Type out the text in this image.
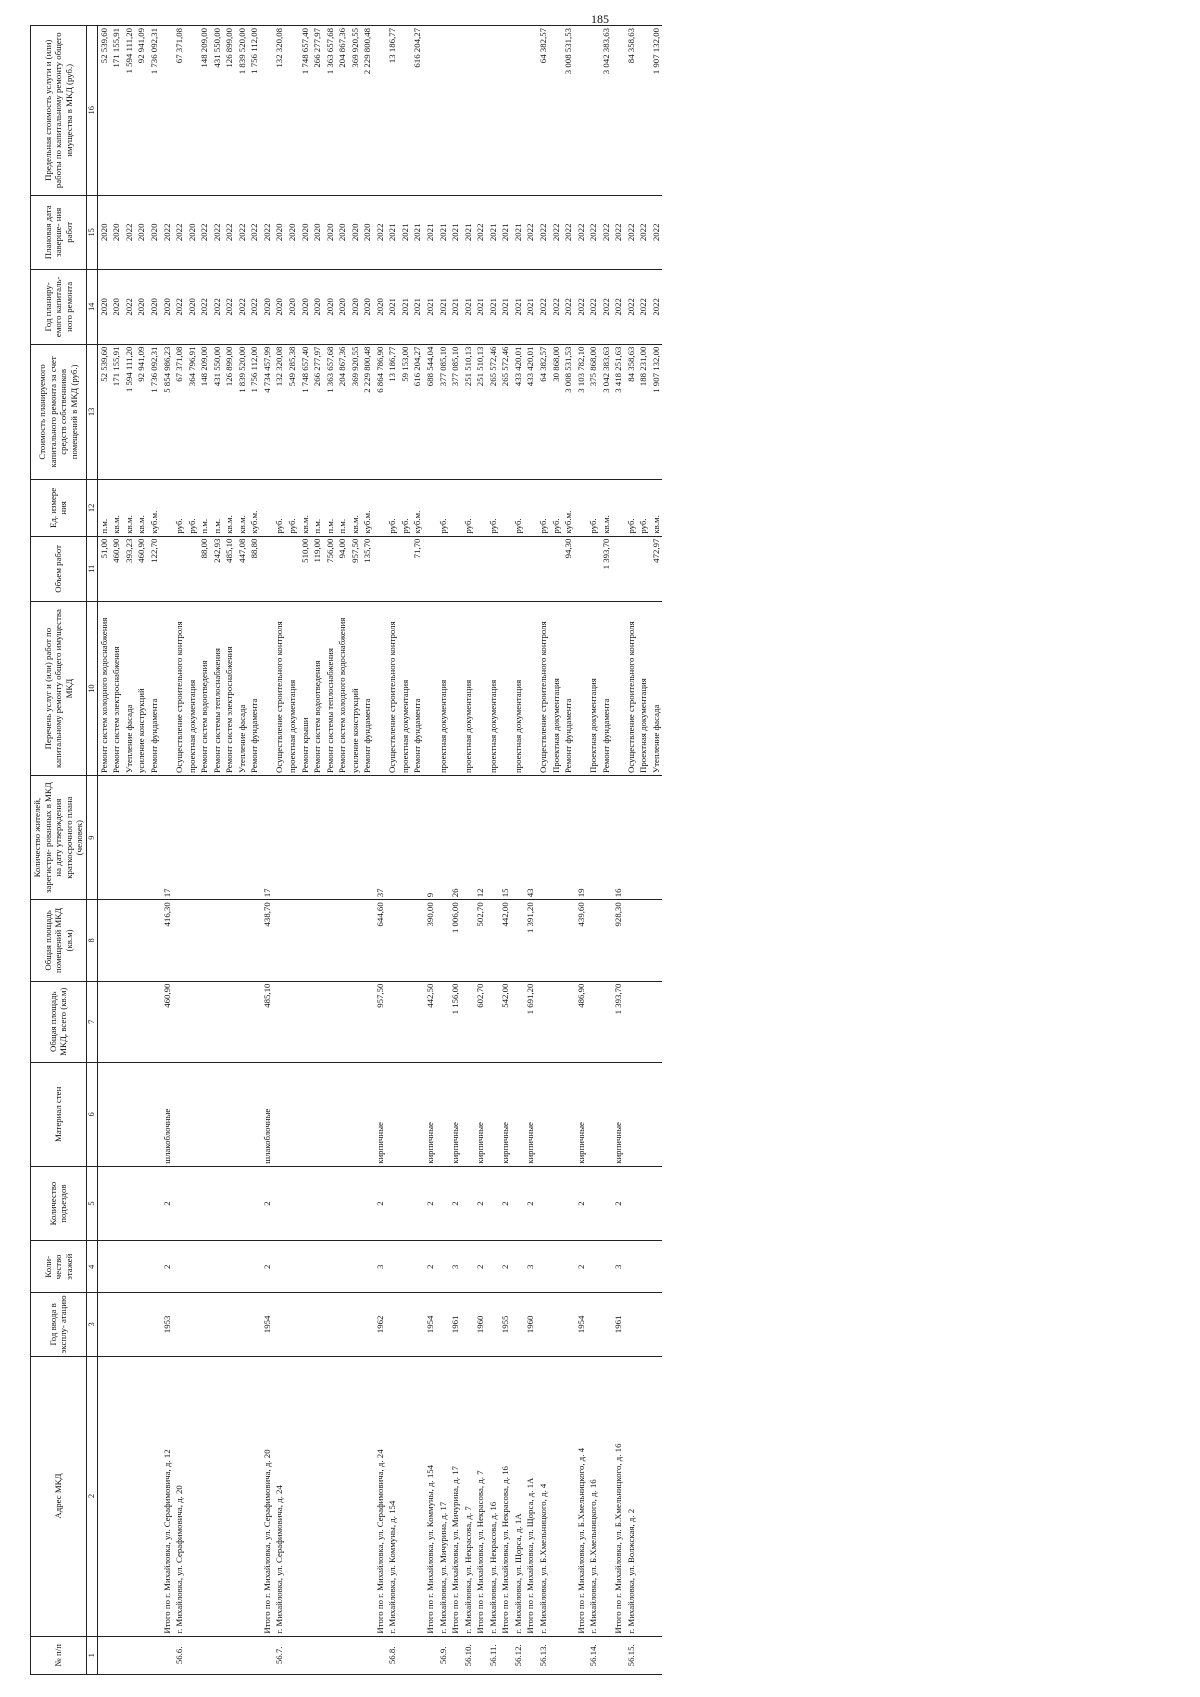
185
№ п/п	Адрес МКД	Год ввода в эксплу- атацию	Коли- чество этажей	Количество подъездов	Материал стен	Общая площадь МКД, всего (кв.м)	Общая площадь помещений МКД (кв.м)	Количество жителей, зарегистри- рованных в МКД на дату утверждения краткосрочного плана (человек)	Перечень услуг и (или) работ по капитальному ремонту общего имущества МКД	Объем работ	Ед. измере ния	Стоимость планируемого капитального ремонта за счет средств собственников помещений в МКД (руб.)	Год планиру- емого капиталь- ного ремонта	Плановая дата заверше- ния работ	Предельная стоимость услуги и (или) работы по капитальному ремонту общего имущества в МКД (руб.)
1	2	3	4	5	6	7	8	9	10	11	12	13	14	15	16
									Ремонт систем холодного водоснабжения	51,00	п.м.	52 539,60	2020	2020	52 539,60
									Ремонт систем электроснабжения	460,90	кв.м.	171 155,91	2020	2020	171 155,91
									Утепление фасада	393,23	кв.м.	1 594 111,20	2022	2022	1 594 111,20
									усиление конструкций	460,90	кв.м.	92 941,09	2020	2020	92 941,09
									Ремонт фундамента	122,70	куб.м.	1 736 092,31	2020	2020	1 736 092,31
	Итого по г. Михайловка, ул. Серафимовича, д. 12	1953	2	2	шлакоблочные	460,90	416,30	17				5 854 986,23	2020	2022	
56.6.	г. Михайловка, ул. Серафимовича, д. 20								Осуществление строительного контроля		руб.	67 371,08	2022	2022	67 371,08
									проектная документация		руб.	364 796,91	2020	2020	
									Ремонт систем водоотведения	88,00	п.м.	148 209,00	2022	2022	148 209,00
									Ремонт системы теплоснабжения	242,93	п.м.	431 550,00	2022	2022	431 550,00
									Ремонт систем электроснабжения	485,10	кв.м.	126 899,00	2022	2022	126 899,00
									Утепление фасада	447,08	кв.м.	1 839 520,00	2022	2022	1 839 520,00
									Ремонт фундамента	88,80	куб.м.	1 756 112,00	2022	2022	1 756 112,00
	Итого по г. Михайловка, ул. Серафимовича, д. 20	1954	2	2	шлакоблочные	485,10	438,70	17				4 734 457,99	2020	2022	
56.7.	г. Михайловка, ул. Серафимовича, д. 24								Осуществление строительного контроля		руб.	132 320,08	2020	2020	132 320,08
									проектная документация		руб.	549 285,38	2020	2020	
									Ремонт крыши	510,00	кв.м.	1 748 657,40	2020	2020	1 748 657,40
									Ремонт систем водоотведения	119,00	п.м.	266 277,97	2020	2020	266 277,97
									Ремонт системы теплоснабжения	756,00	п.м.	1 363 657,68	2020	2020	1 363 657,68
									Ремонт систем холодного водоснабжения	94,00	п.м.	204 867,36	2020	2020	204 867,36
									усиление конструкций	957,50	кв.м.	369 920,55	2020	2020	369 920,55
									Ремонт фундамента	135,70	куб.м.	2 229 800,48	2020	2020	2 229 800,48
	Итого по г. Михайловка, ул. Серафимовича, д. 24	1962	3	2	кирпичные	957,50	644,60	37				6 864 786,90	2020	2022	
56.8.	г. Михайловка, ул. Коммуны, д. 154								Осуществление строительного контроля		руб.	13 186,77	2021	2021	13 186,77
									проектная документация		руб.	59 153,00	2021	2021	
									Ремонт фундамента	71,70	куб.м.	616 204,27	2021	2021	616 204,27
	Итого по г. Михайловка, ул. Коммуны, д. 154	1954	2	2	кирпичные	442,50	390,00	9				688 544,04	2021	2021	
56.9.	г. Михайловка, ул. Мичурина, д. 17								проектная документация		руб.	377 085,10	2021	2021	
	Итого по г. Михайловка, ул. Мичурина, д. 17	1961	3	2	кирпичные	1 156,00	1 006,00	26				377 085,10	2021	2021	
56.10.	г. Михайловка, ул. Некрасова, д. 7								проектная документация		руб.	251 510,13	2021	2021	
	Итого по г. Михайловка, ул. Некрасова, д. 7	1960	2	2	кирпичные	602,70	502,70	12				251 510,13	2021	2022	
56.11.	г. Михайловка, ул. Некрасова, д. 16								проектная документация		руб.	265 572,46	2021	2021	
	Итого по г. Михайловка, ул. Некрасова, д. 16	1955	2	2	кирпичные	542,00	442,00	15				265 572,46	2021	2021	
56.12.	г. Михайловка, ул. Щорса, д. 1А								проектная документация		руб.	433 420,01	2021	2021	
	Итого по г. Михайловка, ул. Щорса, д. 1А	1960	3	2	кирпичные	1 691,20	1 391,20	43				433 420,01	2021	2022	
56.13.	г. Михайловка, ул. Б.Хмельницкого, д. 4								Осуществление строительного контроля		руб.	64 382,57	2022	2022	64 382,57
									Проектная документация		руб.	30 868,00	2022	2022	
									Ремонт фундамента	94,30	куб.м.	3 008 531,53	2022	2022	3 008 531,53
	Итого по г. Михайловка, ул. Б.Хмельницкого, д. 4	1954	2	2	кирпичные	486,90	439,60	19				3 103 782,10	2022	2022	
56.14.	г. Михайловка, ул. Б.Хмельницкого, д. 16								Проектная документация		руб.	375 868,00	2022	2022	
									Ремонт фундамента	1 393,70	кв.м.	3 042 383,63	2022	2022	3 042 383,63
	Итого по г. Михайловка, ул. Б.Хмельницкого, д. 16	1961	3	2	кирпичные	1 393,70	928,30	16				3 418 251,63	2022	2022	
56.15.	г. Михайловка, ул. Волжская, д. 2								Осуществление строительного контроля		руб.	84 358,63	2022	2022	84 358,63
									Проектная документация		руб.	188 231,00	2022	2022	
									Утепление фасада	472,97	кв.м.	1 907 132,00	2022	2022	1 907 132,00
